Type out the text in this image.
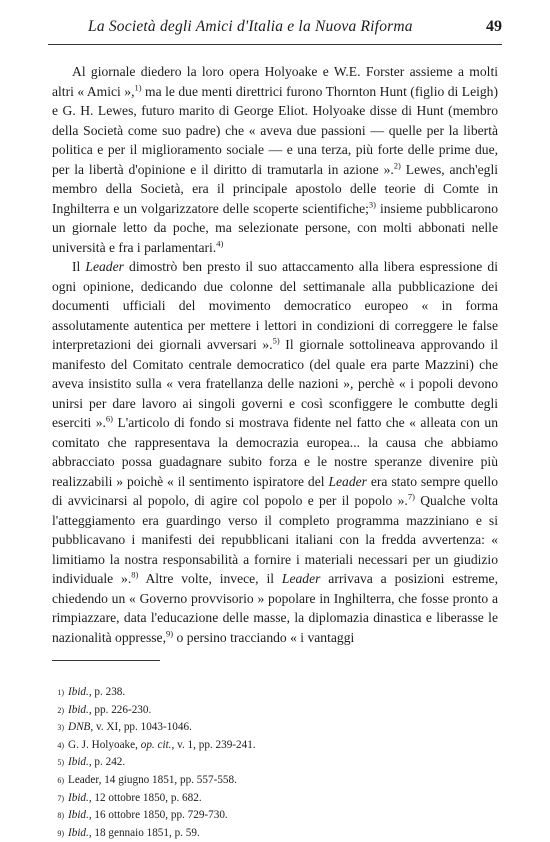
La Società degli Amici d'Italia e la Nuova Riforma	49

Al giornale diedero la loro opera Holyoake e W.E. Forster assieme a molti altri « Amici »,$^{1)}$ ma le due menti direttrici furono Thornton Hunt (figlio di Leigh) e G. H. Lewes, futuro marito di George Eliot. Holyoake disse di Hunt (membro della Società come suo padre) che « aveva due passioni — quelle per la libertà politica e per il miglioramento sociale — e una terza, più forte delle prime due, per la libertà d'opinione e il diritto di tramutarla in azione ».$^{2)}$ Lewes, anch'egli membro della Società, era il principale apostolo delle teorie di Comte in Inghilterra e un volgarizzatore delle scoperte scientifiche;$^{3)}$ insieme pubblicarono un giornale letto da poche, ma selezionate persone, con molti abbonati nelle università e fra i parlamentari.$^{4)}$

Il Leader dimostrò ben presto il suo attaccamento alla libera espressione di ogni opinione, dedicando due colonne del settimanale alla pubblicazione dei documenti ufficiali del movimento democratico europeo « in forma assolutamente autentica per mettere i lettori in condizioni di correggere le false interpretazioni dei giornali avversari ».$^{5)}$ Il giornale sottolineava approvando il manifesto del Comitato centrale democratico (del quale era parte Mazzini) che aveva insistito sulla « vera fratellanza delle nazioni », perchè « i popoli devono unirsi per dare lavoro ai singoli governi e così sconfiggere le combutte degli eserciti ».$^{6)}$ L'articolo di fondo si mostrava fidente nel fatto che « alleata con un comitato che rappresentava la democrazia europea... la causa che abbiamo abbracciato possa guadagnare subito forza e le nostre speranze divenire più realizzabili » poichè « il sentimento ispiratore del Leader era stato sempre quello di avvicinarsi al popolo, di agire col popolo e per il popolo ».$^{7)}$ Qualche volta l'atteggiamento era guardingo verso il completo programma mazziniano e si pubblicavano i manifesti dei repubblicani italiani con la fredda avvertenza: « limitiamo la nostra responsabilità a fornire i materiali necessari per un giudizio individuale ».$^{8)}$ Altre volte, invece, il Leader arrivava a posizioni estreme, chiedendo un « Governo provvisorio » popolare in Inghilterra, che fosse pronto a rimpiazzare, data l'educazione delle masse, la diplomazia dinastica e liberasse le nazionalità oppresse,$^{9)}$ o persino tracciando « i vantaggi

1) Ibid., p. 238.
2) Ibid., pp. 226-230.
3) DNB, v. XI, pp. 1043-1046.
4) G. J. Holyoake, op. cit., v. 1, pp. 239-241.
5) Ibid., p. 242.
6) Leader, 14 giugno 1851, pp. 557-558.
7) Ibid., 12 ottobre 1850, p. 682.
8) Ibid., 16 ottobre 1850, pp. 729-730.
9) Ibid., 18 gennaio 1851, p. 59.
